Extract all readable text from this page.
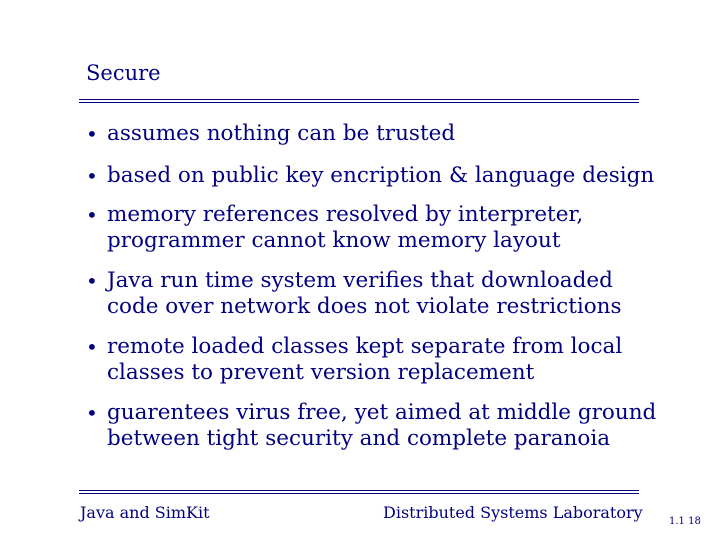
Secure
• assumes nothing can be trusted
• based on public key encription & language design
• memory references resolved by interpreter,
programmer cannot know memory layout
• Java run time system verifies that downloaded
code over network does not violate restrictions
• remote loaded classes kept separate from local
classes to prevent version replacement
• guarentees virus free, yet aimed at middle ground
between tight security and complete paranoia
Java and SimKit	Distributed Systems Laboratory	1.1 18
